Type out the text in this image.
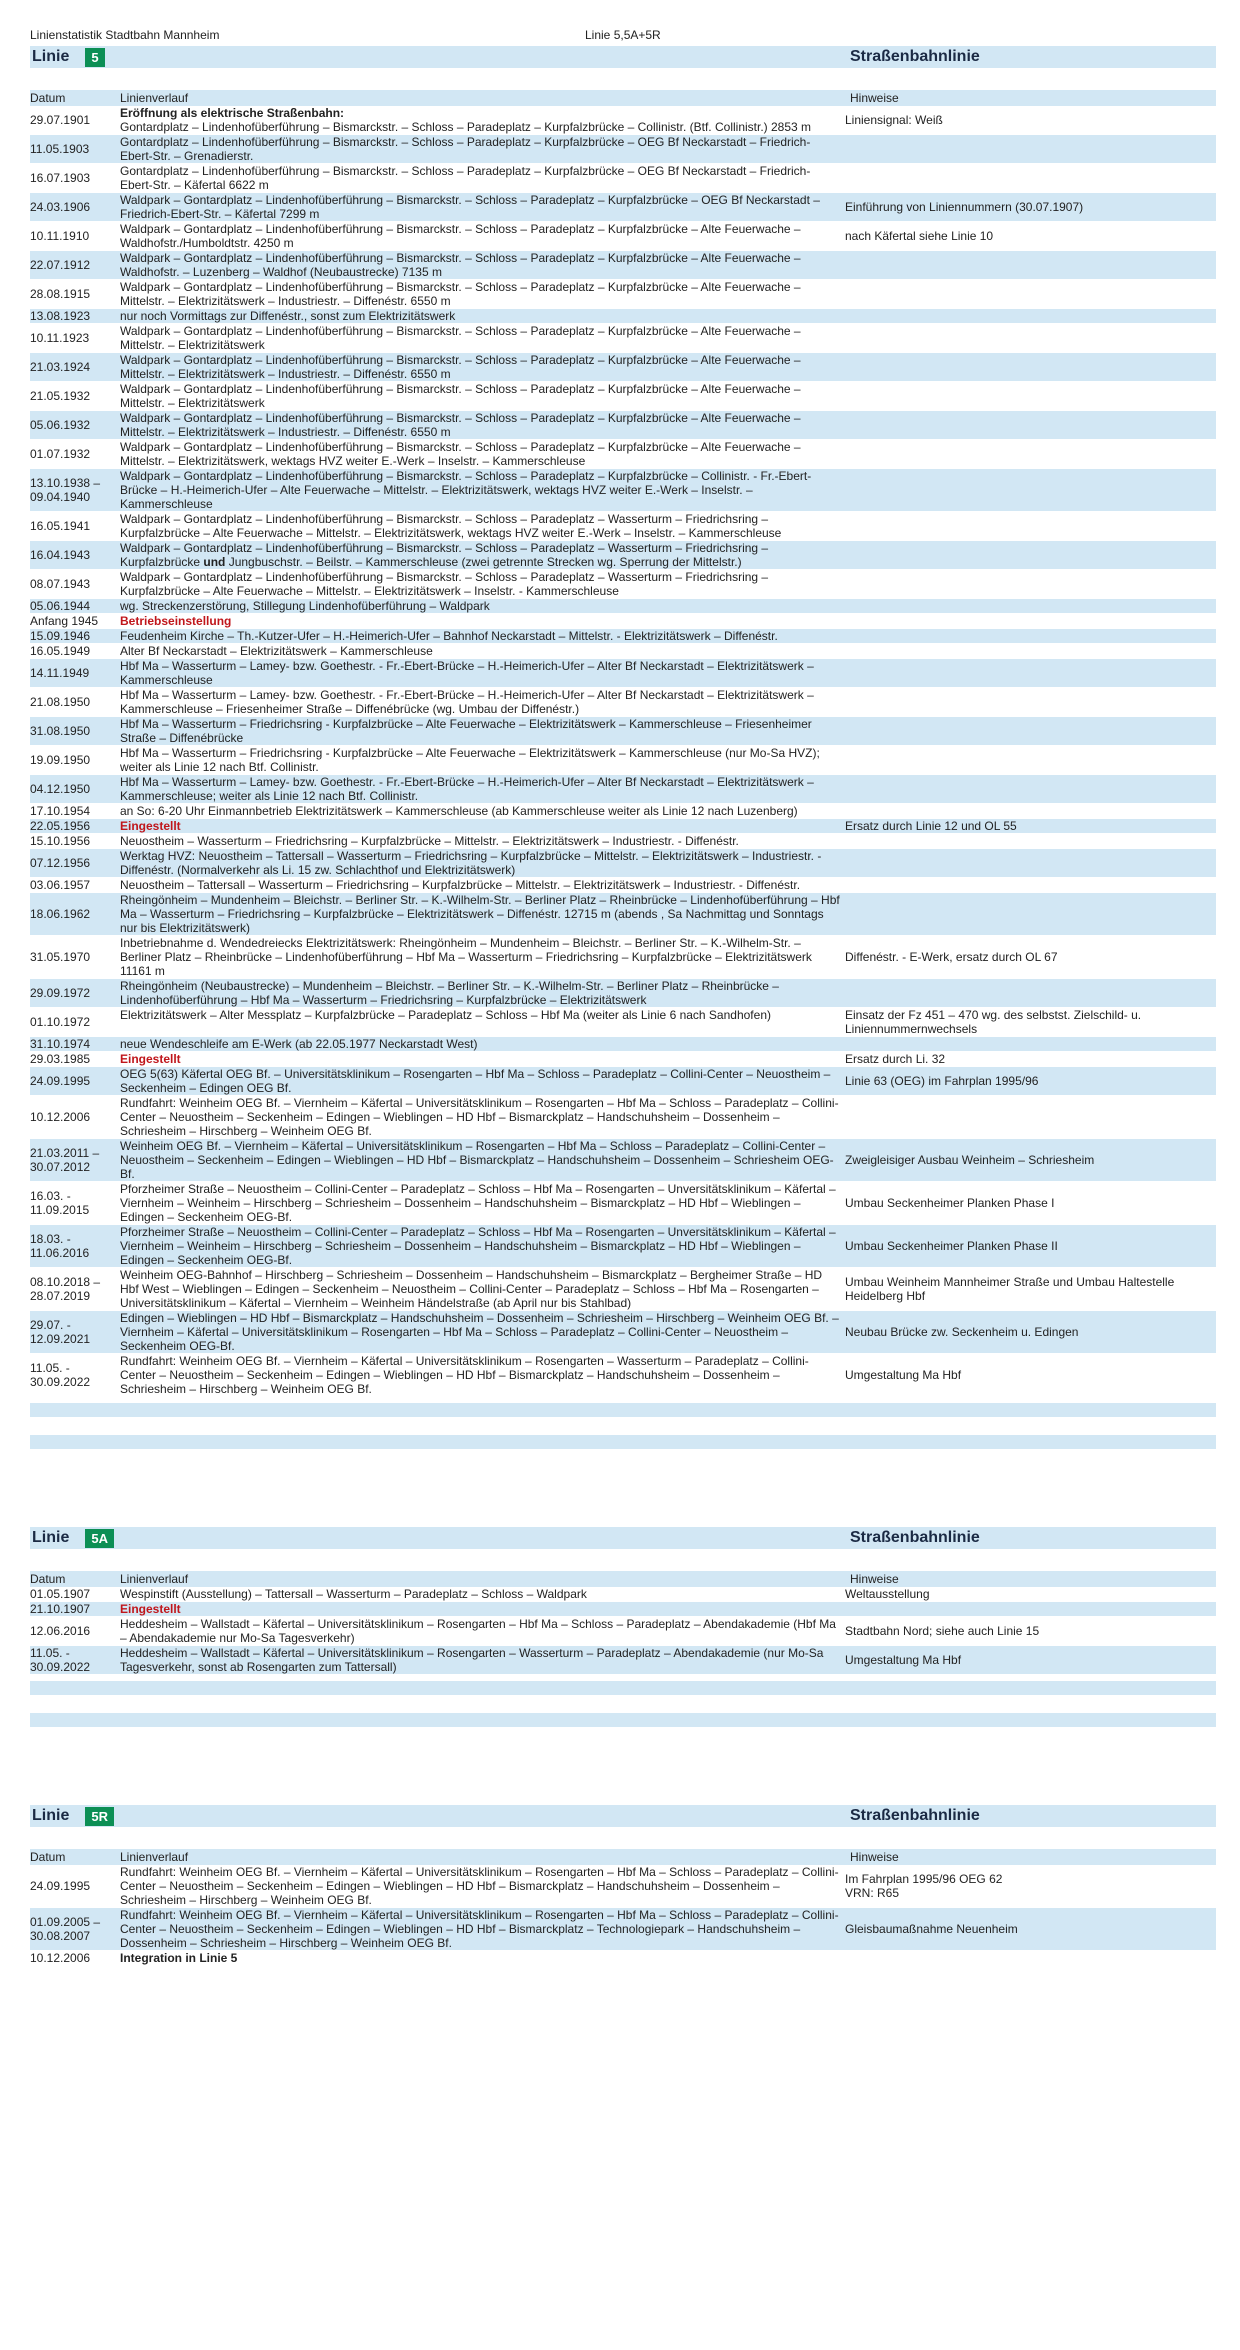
Linienstatistik Stadtbahn Mannheim	Linie 5,5A+5R
Linie	5	Straßenbahnlinie
Datum	Linienverlauf	Hinweise
29.07.1901	Eröffnung als elektrische Straßenbahn:
Gontardplatz – Lindenhofüberführung – Bismarckstr. – Schloss – Paradeplatz – Kurpfalzbrücke – Collinistr. (Btf. Collinistr.) 2853 m	Liniensignal: Weiß
11.05.1903	Gontardplatz – Lindenhofüberführung – Bismarckstr. – Schloss – Paradeplatz – Kurpfalzbrücke – OEG Bf Neckarstadt – Friedrich-Ebert-Str. – Grenadierstr.	
16.07.1903	Gontardplatz – Lindenhofüberführung – Bismarckstr. – Schloss – Paradeplatz – Kurpfalzbrücke – OEG Bf Neckarstadt – Friedrich-Ebert-Str. – Käfertal 6622 m	
24.03.1906	Waldpark – Gontardplatz – Lindenhofüberführung – Bismarckstr. – Schloss – Paradeplatz – Kurpfalzbrücke – OEG Bf Neckarstadt – Friedrich-Ebert-Str. – Käfertal 7299 m	Einführung von Liniennummern (30.07.1907)
10.11.1910	Waldpark – Gontardplatz – Lindenhofüberführung – Bismarckstr. – Schloss – Paradeplatz – Kurpfalzbrücke – Alte Feuerwache – Waldhofstr./Humboldtstr. 4250 m	nach Käfertal siehe Linie 10
22.07.1912	Waldpark – Gontardplatz – Lindenhofüberführung – Bismarckstr. – Schloss – Paradeplatz – Kurpfalzbrücke – Alte Feuerwache – Waldhofstr. – Luzenberg – Waldhof (Neubaustrecke) 7135 m	
28.08.1915	Waldpark – Gontardplatz – Lindenhofüberführung – Bismarckstr. – Schloss – Paradeplatz – Kurpfalzbrücke – Alte Feuerwache – Mittelstr. – Elektrizitätswerk – Industriestr. – Diffenéstr. 6550 m	
13.08.1923	nur noch Vormittags zur Diffenéstr., sonst zum Elektrizitätswerk	
10.11.1923	Waldpark – Gontardplatz – Lindenhofüberführung – Bismarckstr. – Schloss – Paradeplatz – Kurpfalzbrücke – Alte Feuerwache – Mittelstr. – Elektrizitätswerk	
21.03.1924	Waldpark – Gontardplatz – Lindenhofüberführung – Bismarckstr. – Schloss – Paradeplatz – Kurpfalzbrücke – Alte Feuerwache – Mittelstr. – Elektrizitätswerk – Industriestr. – Diffenéstr. 6550 m	
21.05.1932	Waldpark – Gontardplatz – Lindenhofüberführung – Bismarckstr. – Schloss – Paradeplatz – Kurpfalzbrücke – Alte Feuerwache – Mittelstr. – Elektrizitätswerk	
05.06.1932	Waldpark – Gontardplatz – Lindenhofüberführung – Bismarckstr. – Schloss – Paradeplatz – Kurpfalzbrücke – Alte Feuerwache – Mittelstr. – Elektrizitätswerk – Industriestr. – Diffenéstr. 6550 m	
01.07.1932	Waldpark – Gontardplatz – Lindenhofüberführung – Bismarckstr. – Schloss – Paradeplatz – Kurpfalzbrücke – Alte Feuerwache – Mittelstr. – Elektrizitätswerk, wektags HVZ weiter E.-Werk – Inselstr. – Kammerschleuse	
13.10.1938 – 09.04.1940	Waldpark – Gontardplatz – Lindenhofüberführung – Bismarckstr. – Schloss – Paradeplatz – Kurpfalzbrücke – Collinistr. - Fr.-Ebert-Brücke – H.-Heimerich-Ufer – Alte Feuerwache – Mittelstr. – Elektrizitätswerk, wektags HVZ weiter E.-Werk – Inselstr. – Kammerschleuse	
16.05.1941	Waldpark – Gontardplatz – Lindenhofüberführung – Bismarckstr. – Schloss – Paradeplatz – Wasserturm – Friedrichsring – Kurpfalzbrücke – Alte Feuerwache – Mittelstr. – Elektrizitätswerk, wektags HVZ weiter E.-Werk – Inselstr. – Kammerschleuse	
16.04.1943	Waldpark – Gontardplatz – Lindenhofüberführung – Bismarckstr. – Schloss – Paradeplatz – Wasserturm – Friedrichsring – Kurpfalzbrücke und Jungbuschstr. – Beilstr. – Kammerschleuse (zwei getrennte Strecken wg. Sperrung der Mittelstr.)	
08.07.1943	Waldpark – Gontardplatz – Lindenhofüberführung – Bismarckstr. – Schloss – Paradeplatz – Wasserturm – Friedrichsring – Kurpfalzbrücke – Alte Feuerwache – Mittelstr. – Elektrizitätswerk – Inselstr. - Kammerschleuse	
05.06.1944	wg. Streckenzerstörung, Stillegung Lindenhofüberführung – Waldpark	
Anfang 1945	Betriebseinstellung	
15.09.1946	Feudenheim Kirche – Th.-Kutzer-Ufer – H.-Heimerich-Ufer – Bahnhof Neckarstadt – Mittelstr. - Elektrizitätswerk – Diffenéstr.	
16.05.1949	Alter Bf Neckarstadt – Elektrizitätswerk – Kammerschleuse	
14.11.1949	Hbf Ma – Wasserturm – Lamey- bzw. Goethestr. - Fr.-Ebert-Brücke – H.-Heimerich-Ufer – Alter Bf Neckarstadt – Elektrizitätswerk – Kammerschleuse	
21.08.1950	Hbf Ma – Wasserturm – Lamey- bzw. Goethestr. - Fr.-Ebert-Brücke – H.-Heimerich-Ufer – Alter Bf Neckarstadt – Elektrizitätswerk – Kammerschleuse – Friesenheimer Straße – Diffenébrücke (wg. Umbau der Diffenéstr.)	
31.08.1950	Hbf Ma – Wasserturm – Friedrichsring - Kurpfalzbrücke – Alte Feuerwache – Elektrizitätswerk – Kammerschleuse – Friesenheimer Straße – Diffenébrücke	
19.09.1950	Hbf Ma – Wasserturm – Friedrichsring - Kurpfalzbrücke – Alte Feuerwache – Elektrizitätswerk – Kammerschleuse (nur Mo-Sa HVZ); weiter als Linie 12 nach Btf. Collinistr.	
04.12.1950	Hbf Ma – Wasserturm – Lamey- bzw. Goethestr. - Fr.-Ebert-Brücke – H.-Heimerich-Ufer – Alter Bf Neckarstadt – Elektrizitätswerk – Kammerschleuse; weiter als Linie 12 nach Btf. Collinistr.	
17.10.1954	an So: 6-20 Uhr Einmannbetrieb Elektrizitätswerk – Kammerschleuse (ab Kammerschleuse weiter als Linie 12 nach Luzenberg)	
22.05.1956	Eingestellt	Ersatz durch Linie 12 und OL 55
15.10.1956	Neuostheim – Wasserturm – Friedrichsring – Kurpfalzbrücke – Mittelstr. – Elektrizitätswerk – Industriestr. - Diffenéstr.	
07.12.1956	Werktag HVZ: Neuostheim – Tattersall – Wasserturm – Friedrichsring – Kurpfalzbrücke – Mittelstr. – Elektrizitätswerk – Industriestr. - Diffenéstr. (Normalverkehr als Li. 15 zw. Schlachthof und Elektrizitätswerk)	
03.06.1957	Neuostheim – Tattersall – Wasserturm – Friedrichsring – Kurpfalzbrücke – Mittelstr. – Elektrizitätswerk – Industriestr. - Diffenéstr.	
18.06.1962	Rheingönheim – Mundenheim – Bleichstr. – Berliner Str. – K.-Wilhelm-Str. – Berliner Platz – Rheinbrücke – Lindenhofüberführung – Hbf Ma – Wasserturm – Friedrichsring – Kurpfalzbrücke – Elektrizitätswerk – Diffenéstr. 12715 m (abends , Sa Nachmittag und Sonntags nur bis Elektrizitätswerk)	
31.05.1970	Inbetriebnahme d. Wendedreiecks Elektrizitätswerk: Rheingönheim – Mundenheim – Bleichstr. – Berliner Str. – K.-Wilhelm-Str. – Berliner Platz – Rheinbrücke – Lindenhofüberführung – Hbf Ma – Wasserturm – Friedrichsring – Kurpfalzbrücke – Elektrizitätswerk 11161 m	Diffenéstr. - E-Werk, ersatz durch OL 67
29.09.1972	Rheingönheim (Neubaustrecke) – Mundenheim – Bleichstr. – Berliner Str. – K.-Wilhelm-Str. – Berliner Platz – Rheinbrücke – Lindenhofüberführung – Hbf Ma – Wasserturm – Friedrichsring – Kurpfalzbrücke – Elektrizitätswerk	
01.10.1972	Elektrizitätswerk – Alter Messplatz – Kurpfalzbrücke – Paradeplatz – Schloss – Hbf Ma (weiter als Linie 6 nach Sandhofen)	Einsatz der Fz 451 – 470 wg. des selbstst. Zielschild- u. Liniennummernwechsels
31.10.1974	neue Wendeschleife am E-Werk (ab 22.05.1977 Neckarstadt West)	
29.03.1985	Eingestellt	Ersatz durch Li. 32
24.09.1995	OEG 5(63) Käfertal OEG Bf. – Universitätsklinikum – Rosengarten – Hbf Ma – Schloss – Paradeplatz – Collini-Center – Neuostheim – Seckenheim – Edingen OEG Bf.	Linie 63 (OEG) im Fahrplan 1995/96
10.12.2006	Rundfahrt: Weinheim OEG Bf. – Viernheim – Käfertal – Universitätsklinikum – Rosengarten – Hbf Ma – Schloss – Paradeplatz – Collini-Center – Neuostheim – Seckenheim – Edingen – Wieblingen – HD Hbf – Bismarckplatz – Handschuhsheim – Dossenheim – Schriesheim – Hirschberg – Weinheim OEG Bf.	
21.03.2011 – 30.07.2012	Weinheim OEG Bf. – Viernheim – Käfertal – Universitätsklinikum – Rosengarten – Hbf Ma – Schloss – Paradeplatz – Collini-Center – Neuostheim – Seckenheim – Edingen – Wieblingen – HD Hbf – Bismarckplatz – Handschuhsheim – Dossenheim – Schriesheim OEG-Bf.	Zweigleisiger Ausbau Weinheim – Schriesheim
16.03. - 11.09.2015	Pforzheimer Straße – Neuostheim – Collini-Center – Paradeplatz – Schloss – Hbf Ma – Rosengarten – Unversitätsklinikum – Käfertal – Viernheim – Weinheim – Hirschberg – Schriesheim – Dossenheim – Handschuhsheim – Bismarckplatz – HD Hbf – Wieblingen – Edingen – Seckenheim OEG-Bf.	Umbau Seckenheimer Planken Phase I
18.03. - 11.06.2016	Pforzheimer Straße – Neuostheim – Collini-Center – Paradeplatz – Schloss – Hbf Ma – Rosengarten – Unversitätsklinikum – Käfertal – Viernheim – Weinheim – Hirschberg – Schriesheim – Dossenheim – Handschuhsheim – Bismarckplatz – HD Hbf – Wieblingen – Edingen – Seckenheim OEG-Bf.	Umbau Seckenheimer Planken Phase II
08.10.2018 – 28.07.2019	Weinheim OEG-Bahnhof – Hirschberg – Schriesheim – Dossenheim – Handschuhsheim – Bismarckplatz – Bergheimer Straße – HD Hbf West – Wieblingen – Edingen – Seckenheim – Neuostheim – Collini-Center – Paradeplatz – Schloss – Hbf Ma – Rosengarten – Universitätsklinikum – Käfertal – Viernheim – Weinheim Händelstraße (ab April nur bis Stahlbad)	Umbau Weinheim Mannheimer Straße und Umbau Haltestelle Heidelberg Hbf
29.07. - 12.09.2021	Edingen – Wieblingen – HD Hbf – Bismarckplatz – Handschuhsheim – Dossenheim – Schriesheim – Hirschberg – Weinheim OEG Bf. – Viernheim – Käfertal – Universitätsklinikum – Rosengarten – Hbf Ma – Schloss – Paradeplatz – Collini-Center – Neuostheim – Seckenheim OEG-Bf.	Neubau Brücke zw. Seckenheim u. Edingen
11.05. - 30.09.2022	Rundfahrt: Weinheim OEG Bf. – Viernheim – Käfertal – Universitätsklinikum – Rosengarten – Wasserturm – Paradeplatz – Collini-Center – Neuostheim – Seckenheim – Edingen – Wieblingen – HD Hbf – Bismarckplatz – Handschuhsheim – Dossenheim – Schriesheim – Hirschberg – Weinheim OEG Bf.	Umgestaltung Ma Hbf
Linie	5A	Straßenbahnlinie
Datum	Linienverlauf	Hinweise
01.05.1907	Wespinstift (Ausstellung) – Tattersall – Wasserturm – Paradeplatz – Schloss – Waldpark	Weltausstellung
21.10.1907	Eingestellt	
12.06.2016	Heddesheim – Wallstadt – Käfertal – Universitätsklinikum – Rosengarten – Hbf Ma – Schloss – Paradeplatz – Abendakademie (Hbf Ma – Abendakademie nur Mo-Sa Tagesverkehr)	Stadtbahn Nord; siehe auch Linie 15
11.05. - 30.09.2022	Heddesheim – Wallstadt – Käfertal – Universitätsklinikum – Rosengarten – Wasserturm – Paradeplatz – Abendakademie (nur Mo-Sa Tagesverkehr, sonst ab Rosengarten zum Tattersall)	Umgestaltung Ma Hbf
Linie	5R	Straßenbahnlinie
Datum	Linienverlauf	Hinweise
24.09.1995	Rundfahrt: Weinheim OEG Bf. – Viernheim – Käfertal – Universitätsklinikum – Rosengarten – Hbf Ma – Schloss – Paradeplatz – Collini-Center – Neuostheim – Seckenheim – Edingen – Wieblingen – HD Hbf – Bismarckplatz – Handschuhsheim – Dossenheim – Schriesheim – Hirschberg – Weinheim OEG Bf.	Im Fahrplan 1995/96 OEG 62
VRN: R65
01.09.2005 – 30.08.2007	Rundfahrt: Weinheim OEG Bf. – Viernheim – Käfertal – Universitätsklinikum – Rosengarten – Hbf Ma – Schloss – Paradeplatz – Collini-Center – Neuostheim – Seckenheim – Edingen – Wieblingen – HD Hbf – Bismarckplatz – Technologiepark – Handschuhsheim – Dossenheim – Schriesheim – Hirschberg – Weinheim OEG Bf.	Gleisbaumaßnahme Neuenheim
10.12.2006	Integration in Linie 5	
